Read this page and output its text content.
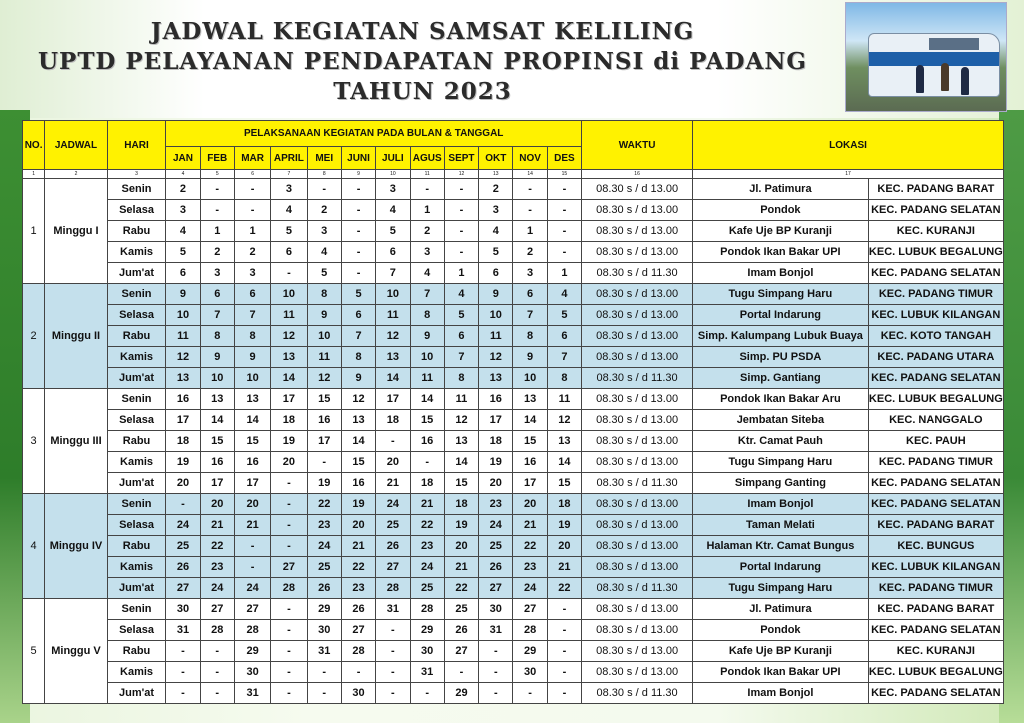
JADWAL KEGIATAN SAMSAT KELILING
UPTD PELAYANAN PENDAPATAN PROPINSI di PADANG
TAHUN 2023
NO.	JADWAL	HARI	PELAKSANAAN KEGIATAN PADA BULAN & TANGGAL												WAKTU	LOKASI	
			JAN	FEB	MAR	APRIL	MEI	JUNI	JULI	AGUS	SEPT	OKT	NOV	DES			
1	2	3	4	5	6	7	8	9	10	11	12	13	14	15	16	17	
1	Minggu I	Senin	2	-	-	3	-	-	3	-	-	2	-	-	08.30 s / d 13.00	Jl. Patimura	KEC. PADANG BARAT
		Selasa	3	-	-	4	2	-	4	1	-	3	-	-	08.30 s / d 13.00	Pondok	KEC. PADANG SELATAN
		Rabu	4	1	1	5	3	-	5	2	-	4	1	-	08.30 s / d 13.00	Kafe Uje BP Kuranji	KEC. KURANJI
		Kamis	5	2	2	6	4	-	6	3	-	5	2	-	08.30 s / d 13.00	Pondok Ikan Bakar UPI	KEC. LUBUK BEGALUNG
		Jum'at	6	3	3	-	5	-	7	4	1	6	3	1	08.30 s / d 11.30	Imam Bonjol	KEC. PADANG SELATAN
2	Minggu II	Senin	9	6	6	10	8	5	10	7	4	9	6	4	08.30 s / d 13.00	Tugu Simpang Haru	KEC. PADANG TIMUR
		Selasa	10	7	7	11	9	6	11	8	5	10	7	5	08.30 s / d 13.00	Portal Indarung	KEC. LUBUK KILANGAN
		Rabu	11	8	8	12	10	7	12	9	6	11	8	6	08.30 s / d 13.00	Simp. Kalumpang Lubuk Buaya	KEC. KOTO TANGAH
		Kamis	12	9	9	13	11	8	13	10	7	12	9	7	08.30 s / d 13.00	Simp. PU PSDA	KEC. PADANG UTARA
		Jum'at	13	10	10	14	12	9	14	11	8	13	10	8	08.30 s / d 11.30	Simp. Gantiang	KEC. PADANG SELATAN
3	Minggu III	Senin	16	13	13	17	15	12	17	14	11	16	13	11	08.30 s / d 13.00	Pondok Ikan Bakar Aru	KEC. LUBUK BEGALUNG
		Selasa	17	14	14	18	16	13	18	15	12	17	14	12	08.30 s / d 13.00	Jembatan Siteba	KEC. NANGGALO
		Rabu	18	15	15	19	17	14	-	16	13	18	15	13	08.30 s / d 13.00	Ktr. Camat Pauh	KEC. PAUH
		Kamis	19	16	16	20	-	15	20	-	14	19	16	14	08.30 s / d 13.00	Tugu Simpang Haru	KEC. PADANG TIMUR
		Jum'at	20	17	17	-	19	16	21	18	15	20	17	15	08.30 s / d 11.30	Simpang Ganting	KEC. PADANG SELATAN
4	Minggu IV	Senin	-	20	20	-	22	19	24	21	18	23	20	18	08.30 s / d 13.00	Imam Bonjol	KEC. PADANG SELATAN
		Selasa	24	21	21	-	23	20	25	22	19	24	21	19	08.30 s / d 13.00	Taman Melati	KEC. PADANG BARAT
		Rabu	25	22	-	-	24	21	26	23	20	25	22	20	08.30 s / d 13.00	Halaman Ktr. Camat Bungus	KEC. BUNGUS
		Kamis	26	23	-	27	25	22	27	24	21	26	23	21	08.30 s / d 13.00	Portal Indarung	KEC. LUBUK KILANGAN
		Jum'at	27	24	24	28	26	23	28	25	22	27	24	22	08.30 s / d 11.30	Tugu Simpang Haru	KEC. PADANG TIMUR
5	Minggu V	Senin	30	27	27	-	29	26	31	28	25	30	27	-	08.30 s / d 13.00	Jl. Patimura	KEC. PADANG BARAT
		Selasa	31	28	28	-	30	27	-	29	26	31	28	-	08.30 s / d 13.00	Pondok	KEC. PADANG SELATAN
		Rabu	-	-	29	-	31	28	-	30	27	-	29	-	08.30 s / d 13.00	Kafe Uje BP Kuranji	KEC. KURANJI
		Kamis	-	-	30	-	-	-	-	31	-	-	30	-	08.30 s / d 13.00	Pondok Ikan Bakar UPI	KEC. LUBUK BEGALUNG
		Jum'at	-	-	31	-	-	30	-	-	29	-	-	-	08.30 s / d 11.30	Imam Bonjol	KEC. PADANG SELATAN
